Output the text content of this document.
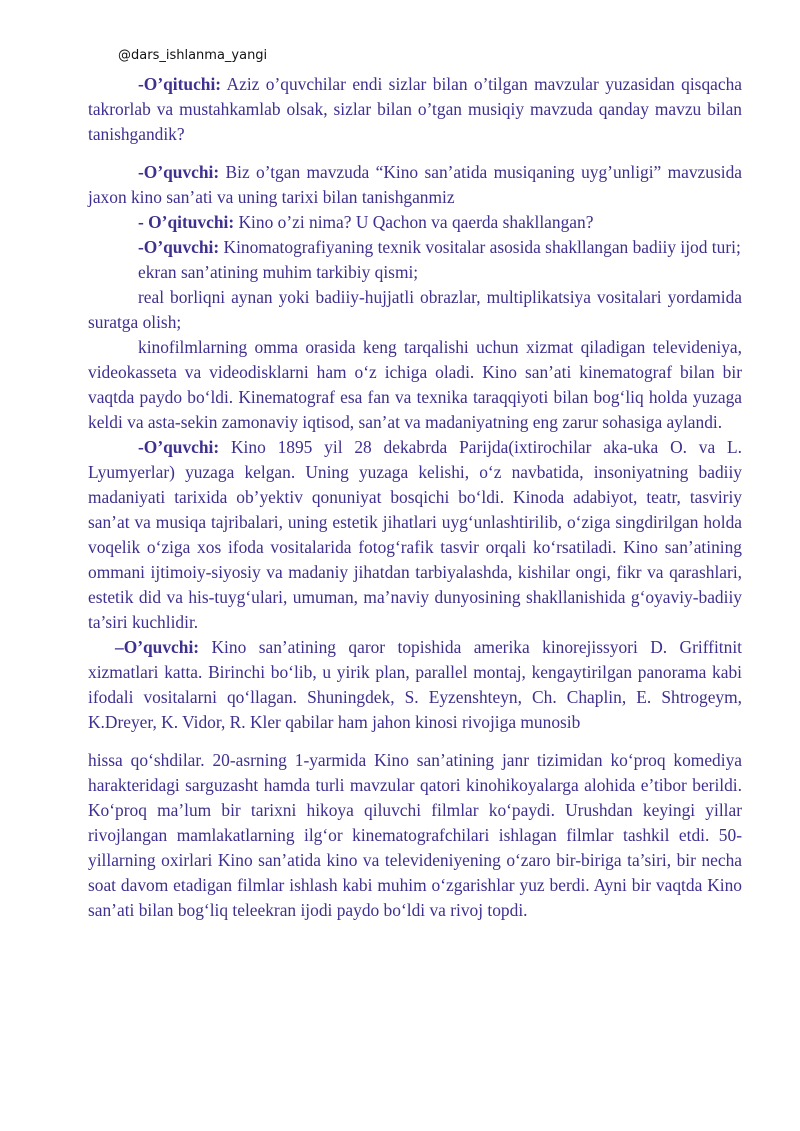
@dars_ishlanma_yangi

-O’qituchi: Aziz o’quvchilar endi sizlar bilan o’tilgan mavzular yuzasidan qisqacha takrorlab va mustahkamlab olsak, sizlar bilan o’tgan musiqiy mavzuda qanday mavzu bilan tanishgandik?

-O’quvchi: Biz o’tgan mavzuda “Kino san’atida musiqaning uyg’unligi” mavzusida jaxon kino san’ati va uning tarixi bilan tanishganmiz

- O’qituvchi: Kino o’zi nima? U Qachon va qaerda shakllangan?

-O’quvchi: Kinomatografiyaning texnik vositalar asosida shakllangan badiiy ijod turi;

ekran san’atining muhim tarkibiy qismi;

real borliqni aynan yoki badiiy-hujjatli obrazlar, multiplikatsiya vositalari yordamida suratga olish;

kinofilmlarning omma orasida keng tarqalishi uchun xizmat qiladigan televideniya, videokasseta va videodisklarni ham o‘z ichiga oladi. Kino san’ati kinematograf bilan bir vaqtda paydo bo‘ldi. Kinematograf esa fan va texnika taraqqiyoti bilan bog‘liq holda yuzaga keldi va asta-sekin zamonaviy iqtisod, san’at va madaniyatning eng zarur sohasiga aylandi.

-O’quvchi: Kino 1895 yil 28 dekabrda Parijda(ixtirochilar aka-uka O. va L. Lyumyerlar) yuzaga kelgan. Uning yuzaga kelishi, o‘z navbatida, insoniyatning badiiy madaniyati tarixida ob’yektiv qonuniyat bosqichi bo‘ldi. Kinoda adabiyot, teatr, tasviriy san’at va musiqa tajribalari, uning estetik jihatlari uyg‘unlashtirilib, o‘ziga singdirilgan holda voqelik o‘ziga xos ifoda vositalarida fotog‘rafik tasvir orqali ko‘rsatiladi. Kino san’atining ommani ijtimoiy-siyosiy va madaniy jihatdan tarbiyalashda, kishilar ongi, fikr va qarashlari, estetik did va his-tuyg‘ulari, umuman, ma’naviy dunyosining shakllanishida g‘oyaviy-badiiy ta’siri kuchlidir.

–O’quvchi: Kino san’atining qaror topishida amerika kinorejissyori D. Griffitnit xizmatlari katta. Birinchi bo‘lib, u yirik plan, parallel montaj, kengaytirilgan panorama kabi ifodali vositalarni qo‘llagan. Shuningdek, S. Eyzenshteyn, Ch. Chaplin, E. Shtrogeym, K.Dreyer, K. Vidor, R. Kler qabilar ham jahon kinosi rivojiga munosib

hissa qo‘shdilar. 20-asrning 1-yarmida Kino san’atining janr tizimidan ko‘proq komediya harakteridagi sarguzasht hamda turli mavzular qatori kinohikoyalarga alohida e’tibor berildi. Ko‘proq ma’lum bir tarixni hikoya qiluvchi filmlar ko‘paydi. Urushdan keyingi yillar rivojlangan mamlakatlarning ilg‘or kinematografchilari ishlagan filmlar tashkil etdi. 50- yillarning oxirlari Kino san’atida kino va televideniyening o‘zaro bir-biriga ta’siri, bir necha soat davom etadigan filmlar ishlash kabi muhim o‘zgarishlar yuz berdi. Ayni bir vaqtda Kino san’ati bilan bog‘liq teleekran ijodi paydo bo‘ldi va rivoj topdi.
